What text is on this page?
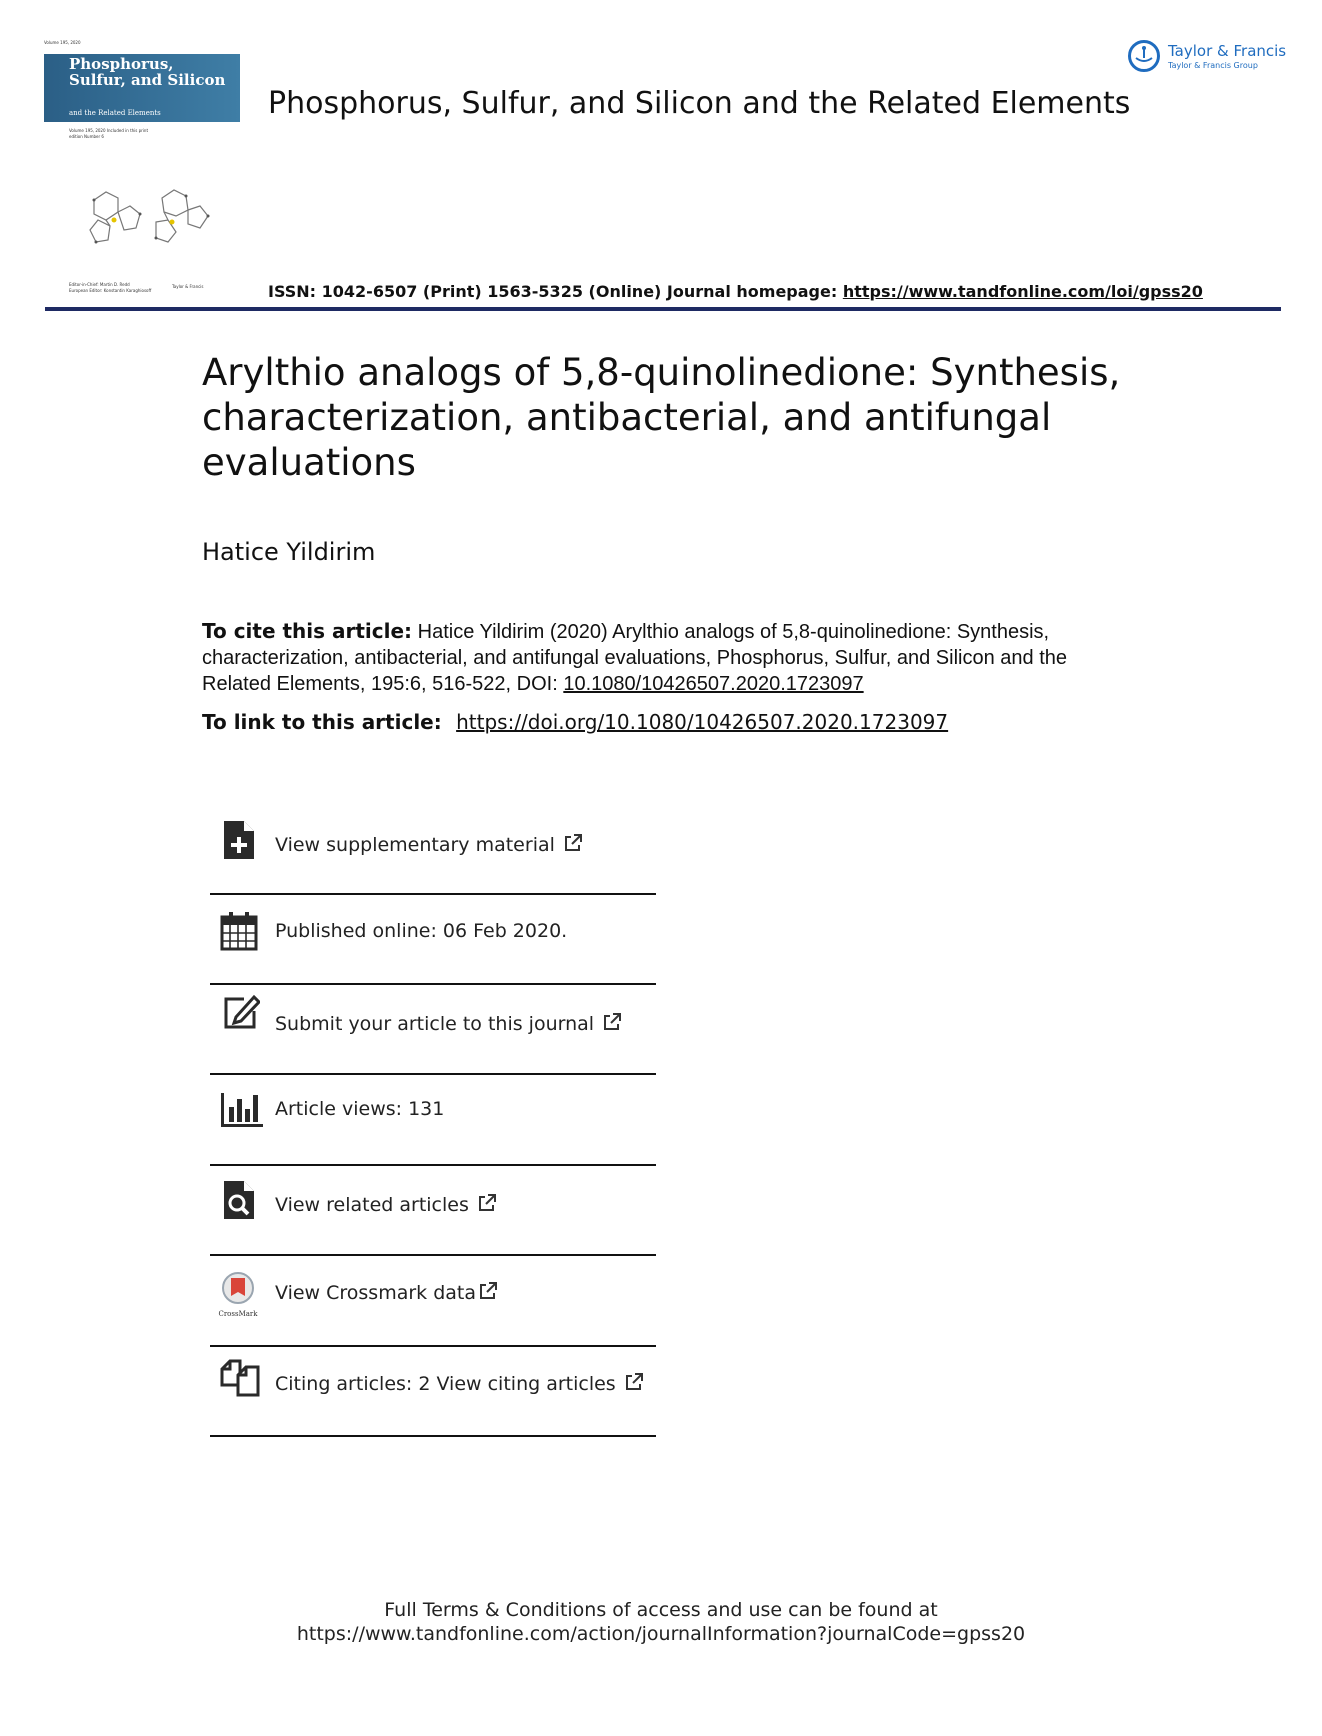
Volume 195, 2020
Phosphorus, Sulfur, and Silicon
and the Related Elements
Volume 195, 2020 Included in this print edition Number 6
Editor-in-Chief: Martin D. Redd
European Editor: Konstantin Karaghiosoff
Taylor & Francis
Phosphorus, Sulfur, and Silicon and the Related Elements
Taylor & Francis
Taylor & Francis Group
ISSN: 1042-6507 (Print) 1563-5325 (Online) Journal homepage: https://www.tandfonline.com/loi/gpss20
Arylthio analogs of 5,8-quinolinedione: Synthesis, characterization, antibacterial, and antifungal evaluations
Hatice Yildirim
To cite this article: Hatice Yildirim (2020) Arylthio analogs of 5,8-quinolinedione: Synthesis, characterization, antibacterial, and antifungal evaluations, Phosphorus, Sulfur, and Silicon and the Related Elements, 195:6, 516-522, DOI: 10.1080/10426507.2020.1723097
To link to this article: https://doi.org/10.1080/10426507.2020.1723097
View supplementary material
Published online: 06 Feb 2020.
Submit your article to this journal
Article views: 131
View related articles
CrossMark
View Crossmark data
Citing articles: 2 View citing articles
Full Terms & Conditions of access and use can be found at
https://www.tandfonline.com/action/journalInformation?journalCode=gpss20
